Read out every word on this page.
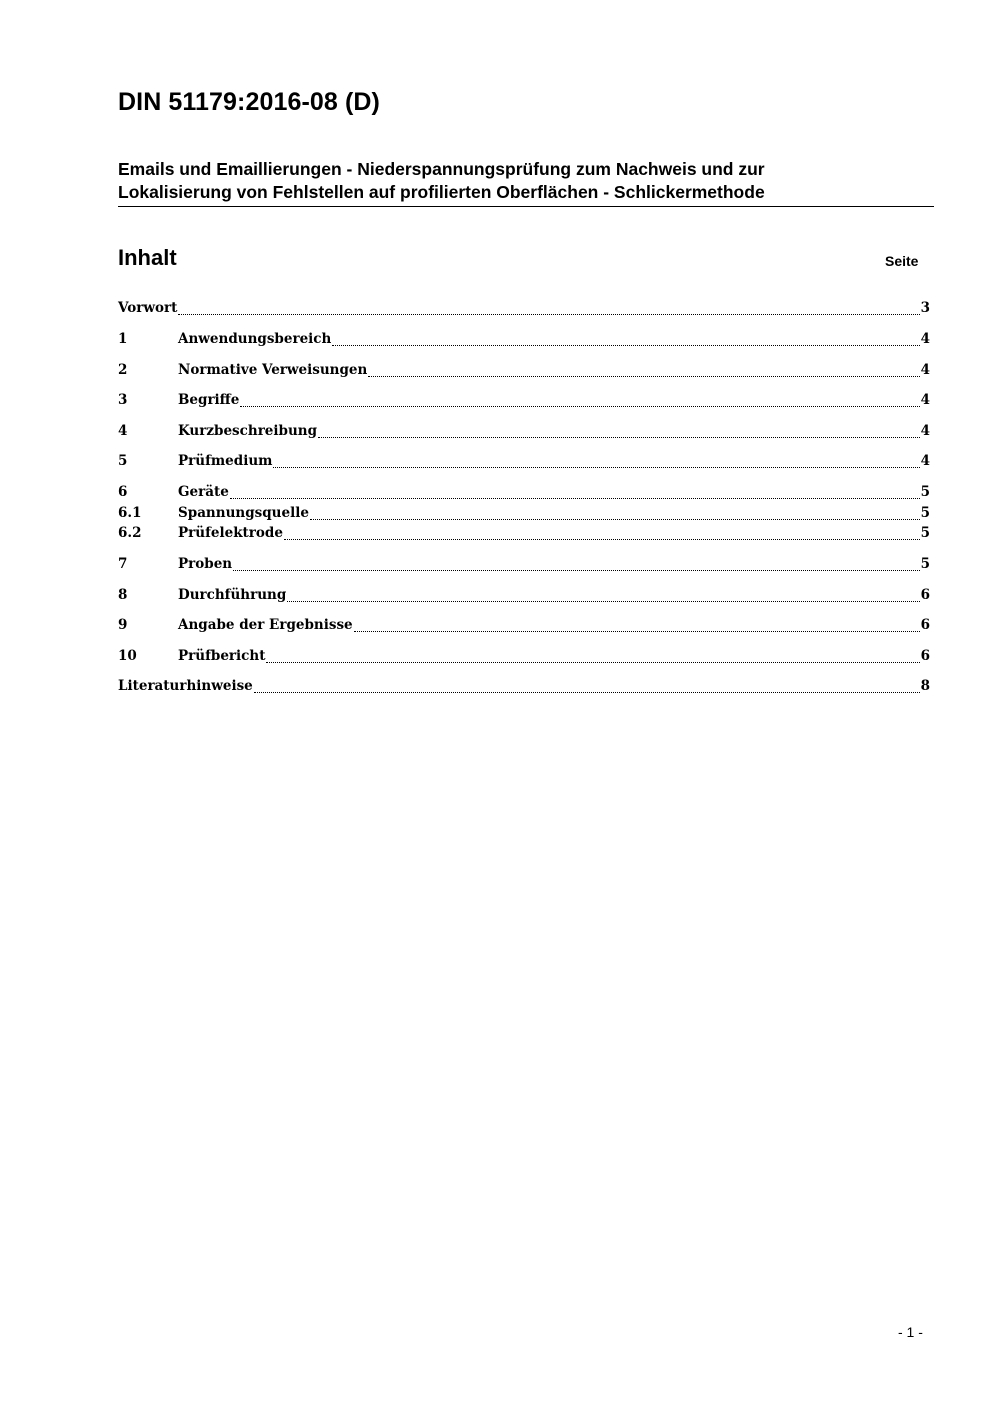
DIN 51179:2016-08 (D)
Emails und Emaillierungen - Niederspannungsprüfung zum Nachweis und zur
Lokalisierung von Fehlstellen auf profilierten Oberflächen - Schlickermethode
Inhalt	Seite
Vorwort	3
1	Anwendungsbereich	4
2	Normative Verweisungen	4
3	Begriffe	4
4	Kurzbeschreibung	4
5	Prüfmedium	4
6	Geräte	5
6.1	Spannungsquelle	5
6.2	Prüfelektrode	5
7	Proben	5
8	Durchführung	6
9	Angabe der Ergebnisse	6
10	Prüfbericht	6
Literaturhinweise	8
- 1 -
